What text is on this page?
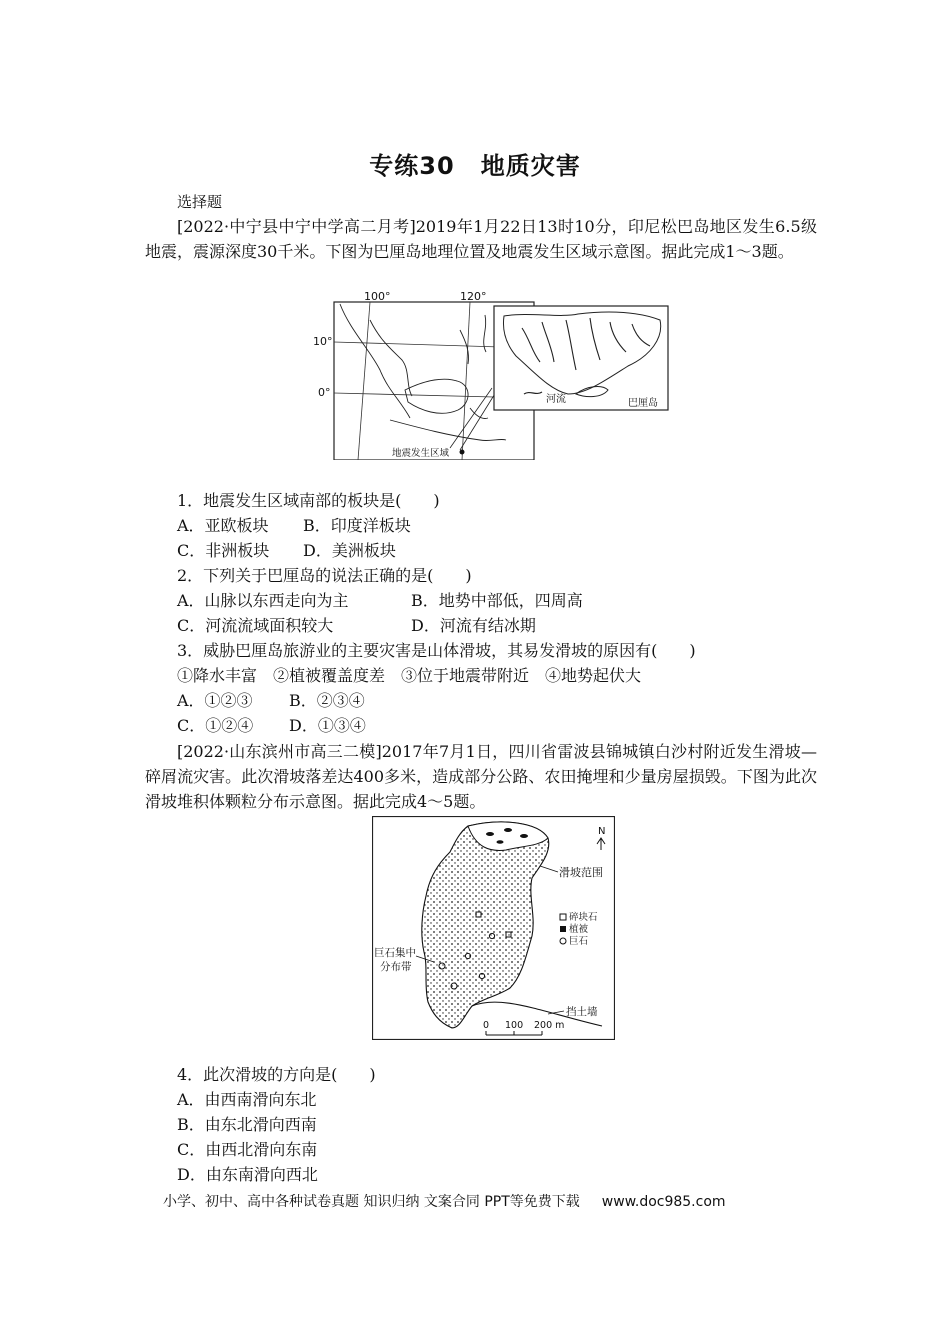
专练30 地质灾害
选择题
[2022·中宁县中宁中学高二月考]2019年1月22日13时10分，印尼松巴岛地区发生6.5级地震，震源深度30千米。下图为巴厘岛地理位置及地震发生区域示意图。据此完成1～3题。
100°	120°
10°
0°
地震发生区域
河流	巴厘岛
1．地震发生区域南部的板块是(　　)
A．亚欧板块 B．印度洋板块
C．非洲板块 D．美洲板块
2．下列关于巴厘岛的说法正确的是(　　)
A．山脉以东西走向为主	B．地势中部低，四周高
C．河流流域面积较大	D．河流有结冰期
3．威胁巴厘岛旅游业的主要灾害是山体滑坡，其易发滑坡的原因有(　　)
①降水丰富　②植被覆盖度差　③位于地震带附近　④地势起伏大
A．①②③ B．②③④
C．①②④ D．①③④
[2022·山东滨州市高三二模]2017年7月1日，四川省雷波县锦城镇白沙村附近发生滑坡—碎屑流灾害。此次滑坡落差达400多米，造成部分公路、农田掩埋和少量房屋损毁。下图为此次滑坡堆积体颗粒分布示意图。据此完成4～5题。
N
滑坡范围
碎块石
植被
巨石
巨石集中
分布带
挡土墙
0 100 200 m
4．此次滑坡的方向是(　　)
A．由西南滑向东北
B．由东北滑向西南
C．由西北滑向东南
D．由东南滑向西北
小学、初中、高中各种试卷真题 知识归纳 文案合同 PPT等免费下载 www.doc985.com
